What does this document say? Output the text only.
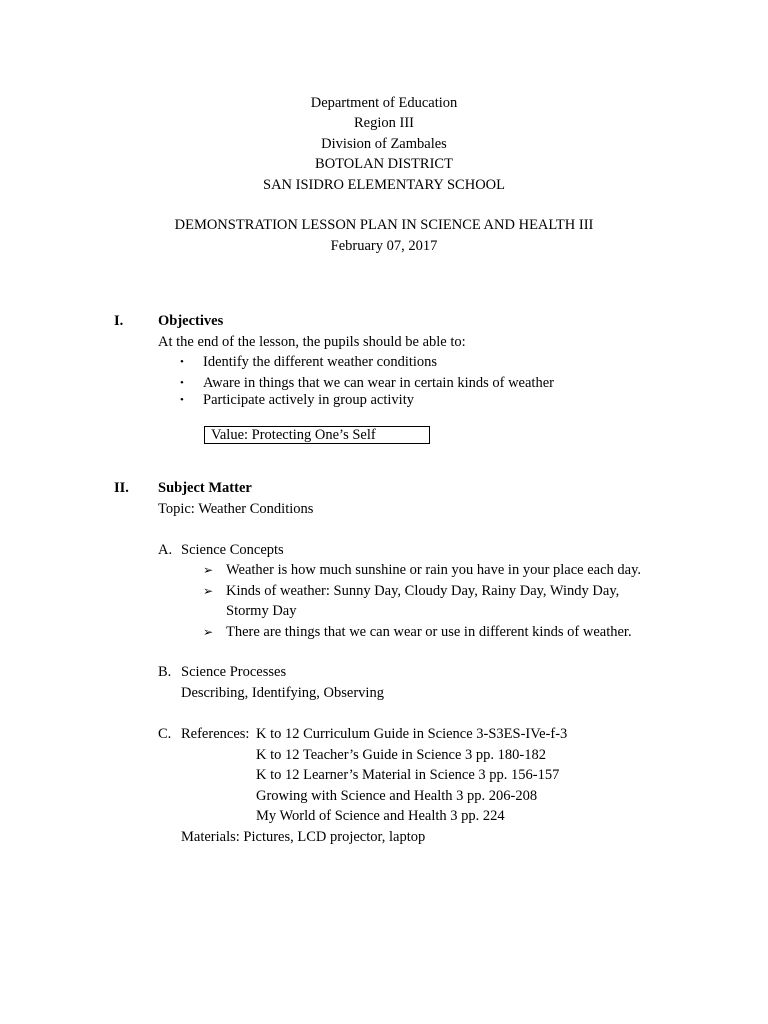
Department of Education
Region III
Division of Zambales
BOTOLAN DISTRICT
SAN ISIDRO ELEMENTARY SCHOOL
DEMONSTRATION LESSON PLAN IN SCIENCE AND HEALTH III
February 07, 2017
I. Objectives
At the end of the lesson, the pupils should be able to:
• Identify the different weather conditions
• Aware in things that we can wear in certain kinds of weather
• Participate actively in group activity
Value: Protecting One’s Self
II. Subject Matter
Topic: Weather Conditions
A. Science Concepts
➢ Weather is how much sunshine or rain you have in your place each day.
➢ Kinds of weather: Sunny Day, Cloudy Day, Rainy Day, Windy Day,
Stormy Day
➢ There are things that we can wear or use in different kinds of weather.
B. Science Processes
Describing, Identifying, Observing
C. References: K to 12 Curriculum Guide in Science 3-S3ES-IVe-f-3
K to 12 Teacher’s Guide in Science 3 pp. 180-182
K to 12 Learner’s Material in Science 3 pp. 156-157
Growing with Science and Health 3 pp. 206-208
My World of Science and Health 3 pp. 224
Materials: Pictures, LCD projector, laptop
